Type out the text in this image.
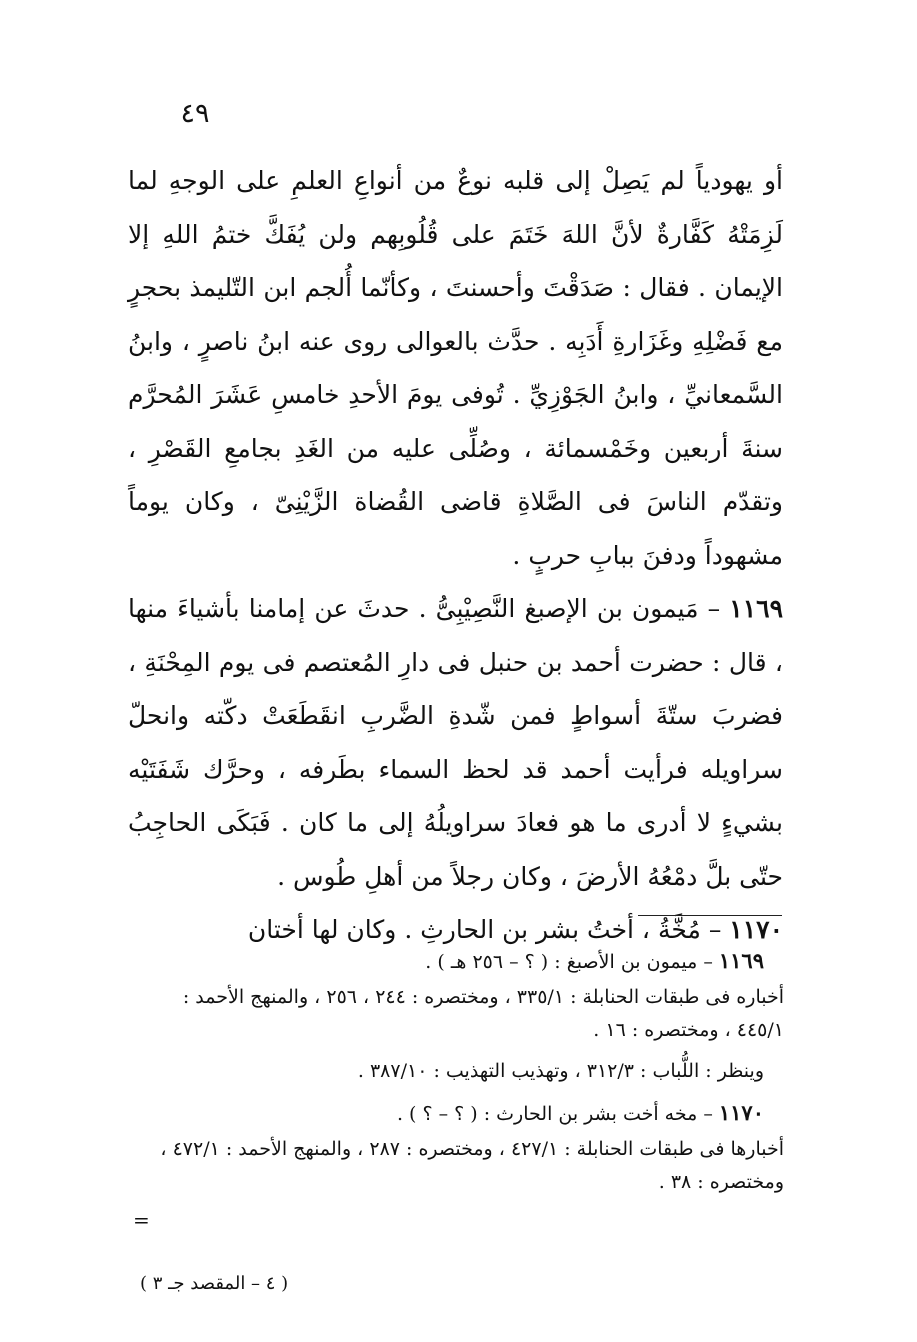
٤٩

أو يهودياً لم يَصِلْ إلى قلبه نوعٌ من أنواعِ العلمِ على الوجهِ لما لَزِمَتْهُ كَفَّارةٌ لأنَّ اللهَ خَتَمَ على قُلُوبِهم ولن يُفَكَّ ختمُ اللهِ إلا الإيمان . فقال : صَدَقْتَ وأحسنتَ ، وكأنّما أُلجم ابن التّليمذ بحجرٍ مع فَضْلِهِ وغَزَارةِ أَدَبِه . حدَّث بالعوالى روى عنه ابنُ ناصرٍ ، وابنُ السَّمعانيِّ ، وابنُ الجَوْزِيِّ . تُوفى يومَ الأحدِ خامسِ عَشَرَ المُحرَّم سنةَ أربعين وخَمْسمائة ، وصُلِّى عليه من الغَدِ بجامعِ القَصْرِ ، وتقدّم الناسَ فى الصَّلاةِ قاضى القُضاة الزَّيْنِىّ ، وكان يوماً مشهوداً ودفنَ ببابِ حربٍ .

١١٦٩ – مَيمون بن الإصبغ النَّصِيْبِىُّ . حدثَ عن إمامنا بأشياءَ منها ، قال : حضرت أحمد بن حنبل فى دارِ المُعتصم فى يوم المِحْنَةِ ، فضربَ ستّةَ أسواطٍ فمن شّدةِ الضَّربِ انقَطَعَتْ دكّته وانحلّ سراويله فرأيت أحمد قد لحظ السماء بطَرفه ، وحرَّك شَفَتَيْه بشيءٍ لا أدرى ما هو فعادَ سراويلُهُ إلى ما كان . فَبَكَى الحاجِبُ حتّى بلَّ دمْعُهُ الأرضَ ، وكان رجلاً من أهلِ طُوس .

١١٧٠ – مُخَّةُ ، أختُ بشر بن الحارثِ . وكان لها أختان

١١٦٩ – ميمون بن الأصبغ : ( ؟ – ٢٥٦ هـ ) .

أخباره فى طبقات الحنابلة : ٣٣٥/١ ، ومختصره : ٢٤٤ ، ٢٥٦ ، والمنهج الأحمد : ٤٤٥/١ ، ومختصره : ١٦ .

وينظر : اللُّباب : ٣١٢/٣ ، وتهذيب التهذيب : ٣٨٧/١٠ .

١١٧٠ – مخه أخت بشر بن الحارث : ( ؟ – ؟ ) .

أخبارها فى طبقات الحنابلة : ٤٢٧/١ ، ومختصره : ٢٨٧ ، والمنهج الأحمد : ٤٧٢/١ ، ومختصره : ٣٨ .

=
( ٤ – المقصد جـ ٣ )
